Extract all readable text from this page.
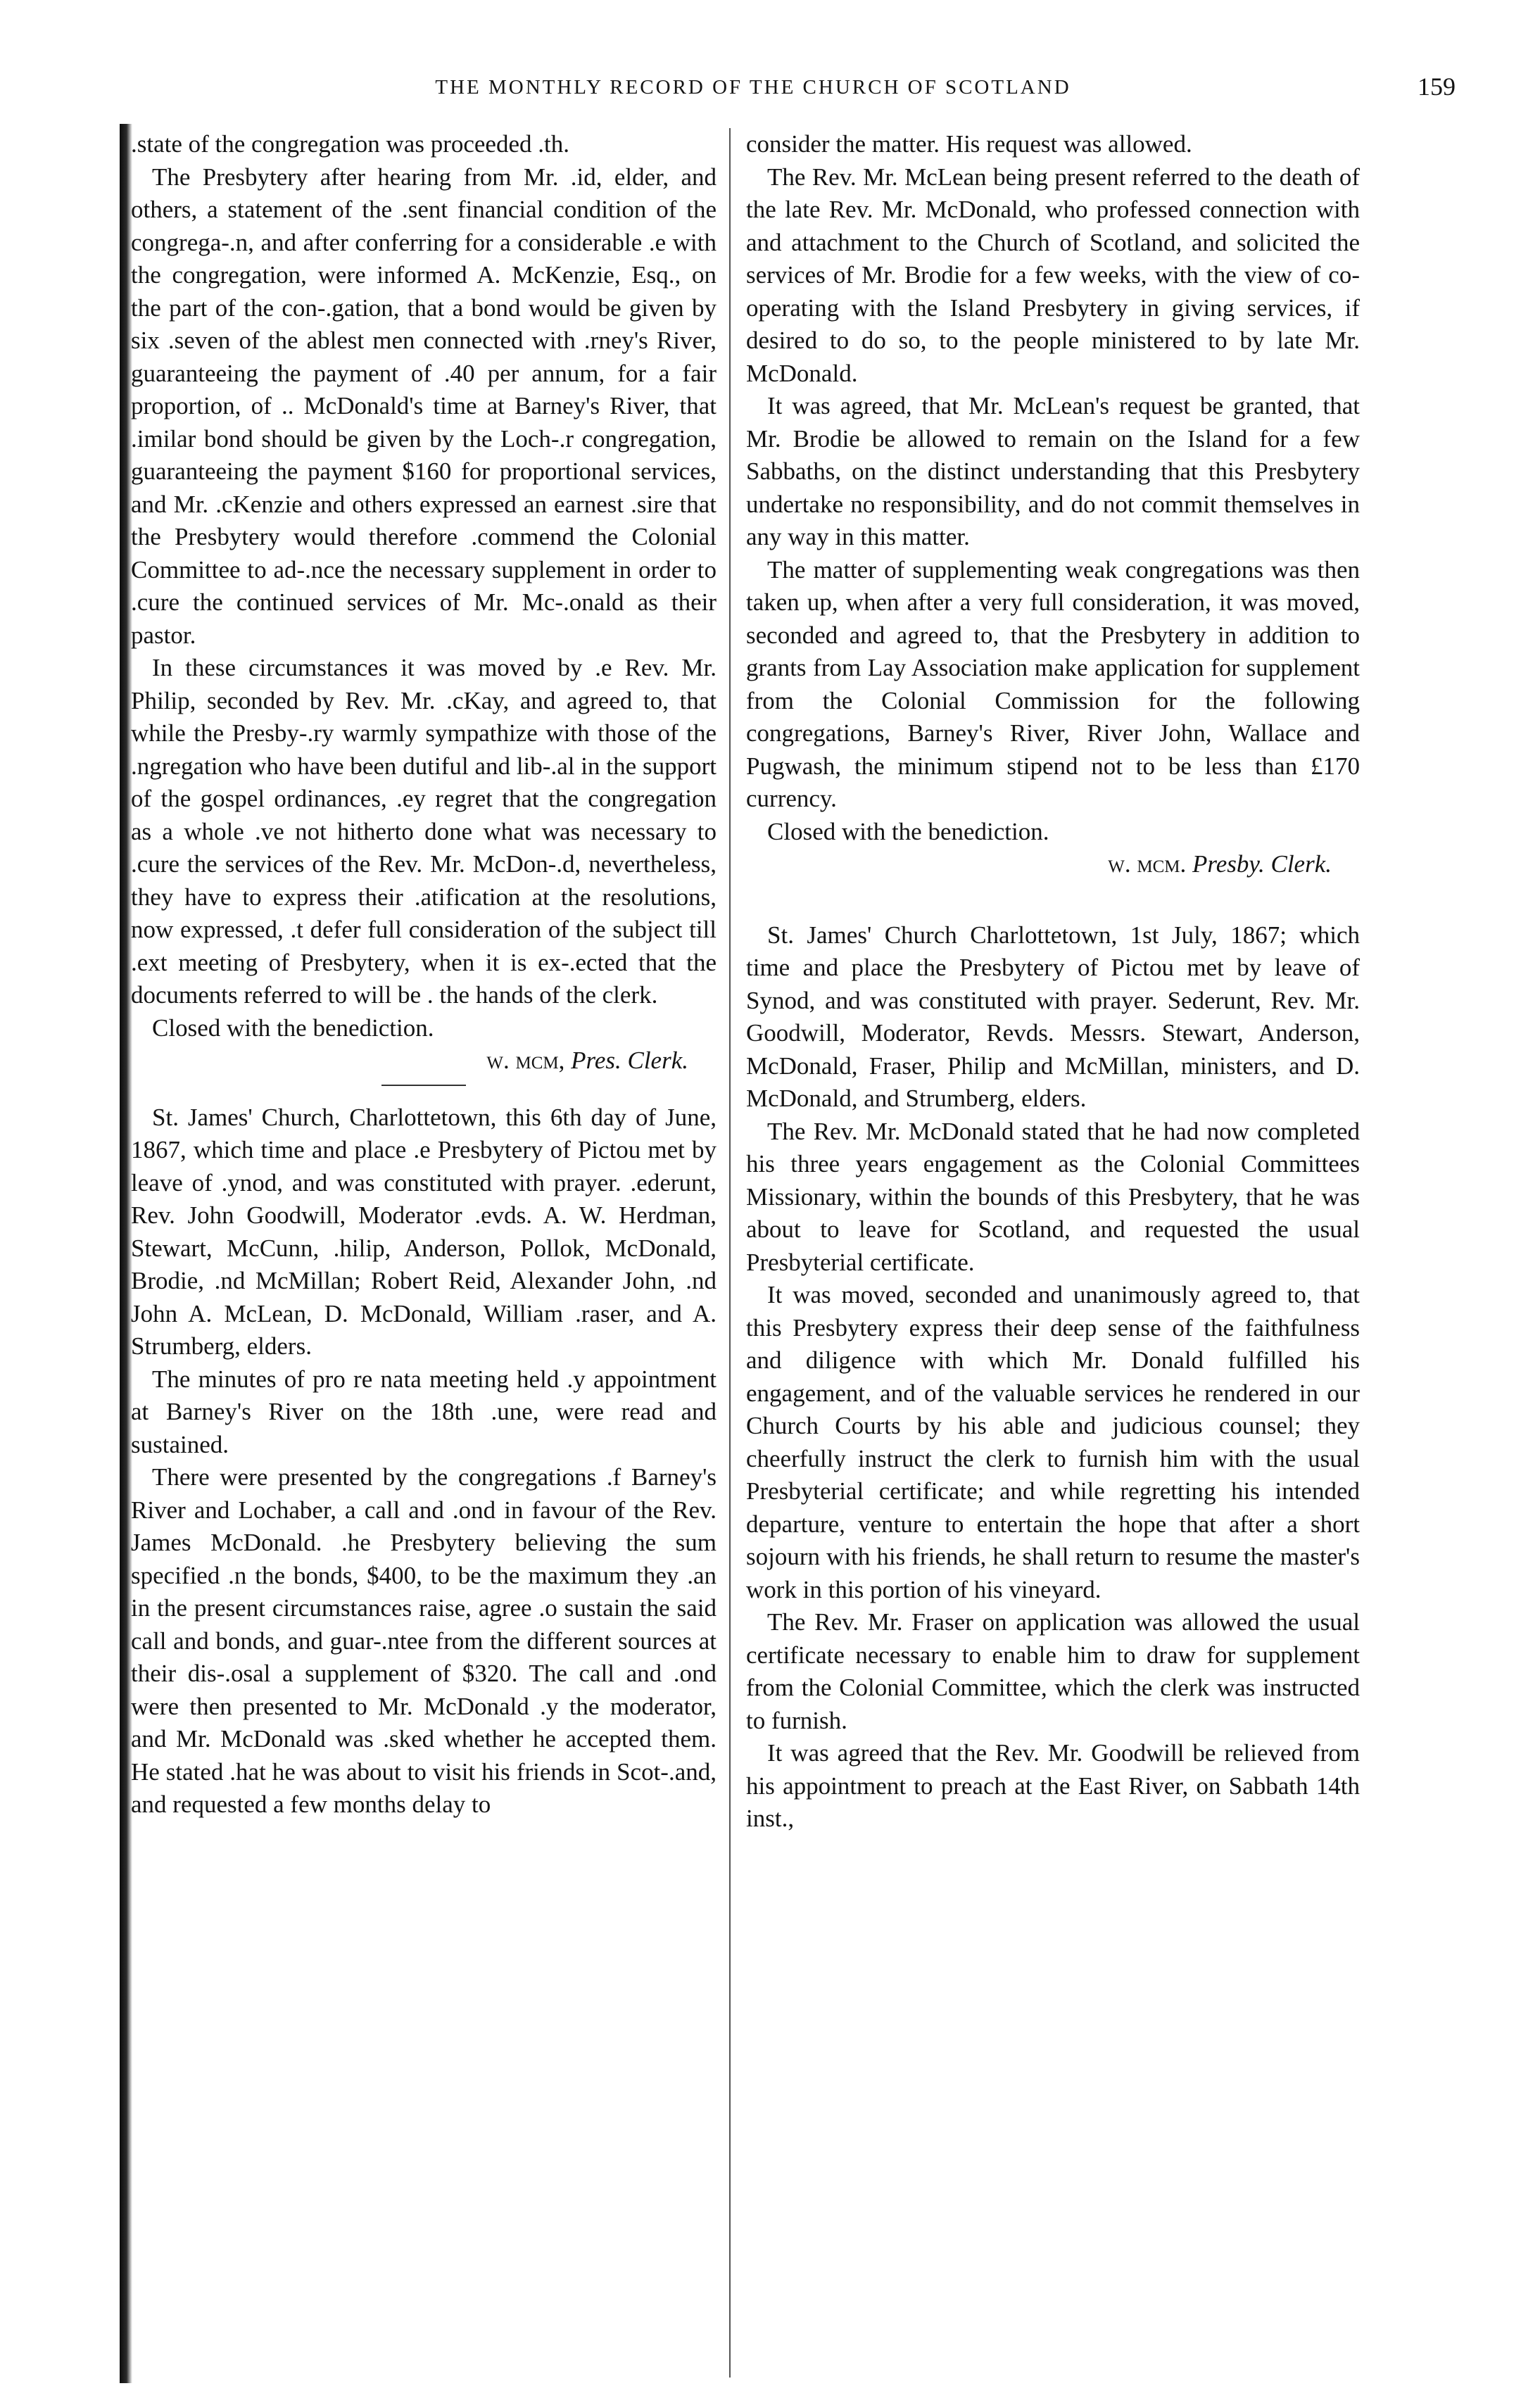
THE MONTHLY RECORD OF THE CHURCH OF SCOTLAND	159

.state of the congregation was proceeded .th.

The Presbytery after hearing from Mr. .id, elder, and others, a statement of the .sent financial condition of the congrega-.n, and after conferring for a considerable .e with the congregation, were informed A. McKenzie, Esq., on the part of the con-.gation, that a bond would be given by six .seven of the ablest men connected with .rney's River, guaranteeing the payment of .40 per annum, for a fair proportion, of .. McDonald's time at Barney's River, that .imilar bond should be given by the Loch-.r congregation, guaranteeing the payment $160 for proportional services, and Mr. .cKenzie and others expressed an earnest .sire that the Presbytery would therefore .commend the Colonial Committee to ad-.nce the necessary supplement in order to .cure the continued services of Mr. Mc-.onald as their pastor.

In these circumstances it was moved by .e Rev. Mr. Philip, seconded by Rev. Mr. .cKay, and agreed to, that while the Presby-.ry warmly sympathize with those of the .ngregation who have been dutiful and lib-.al in the support of the gospel ordinances, .ey regret that the congregation as a whole .ve not hitherto done what was necessary to .cure the services of the Rev. Mr. McDon-.d, nevertheless, they have to express their .atification at the resolutions, now expressed, .t defer full consideration of the subject till .ext meeting of Presbytery, when it is ex-.ected that the documents referred to will be . the hands of the clerk.

Closed with the benediction.

w. mcm, Pres. Clerk.

St. James' Church, Charlottetown, this 6th day of June, 1867, which time and place .e Presbytery of Pictou met by leave of .ynod, and was constituted with prayer. .ederunt, Rev. John Goodwill, Moderator .evds. A. W. Herdman, Stewart, McCunn, .hilip, Anderson, Pollok, McDonald, Brodie, .nd McMillan; Robert Reid, Alexander John, .nd John A. McLean, D. McDonald, William .raser, and A. Strumberg, elders.

The minutes of pro re nata meeting held .y appointment at Barney's River on the 18th .une, were read and sustained.

There were presented by the congregations .f Barney's River and Lochaber, a call and .ond in favour of the Rev. James McDonald. .he Presbytery believing the sum specified .n the bonds, $400, to be the maximum they .an in the present circumstances raise, agree .o sustain the said call and bonds, and guar-.ntee from the different sources at their dis-.osal a supplement of $320. The call and .ond were then presented to Mr. McDonald .y the moderator, and Mr. McDonald was .sked whether he accepted them. He stated .hat he was about to visit his friends in Scot-.and, and requested a few months delay to

consider the matter. His request was allowed.

The Rev. Mr. McLean being present referred to the death of the late Rev. Mr. McDonald, who professed connection with and attachment to the Church of Scotland, and solicited the services of Mr. Brodie for a few weeks, with the view of co-operating with the Island Presbytery in giving services, if desired to do so, to the people ministered to by late Mr. McDonald.

It was agreed, that Mr. McLean's request be granted, that Mr. Brodie be allowed to remain on the Island for a few Sabbaths, on the distinct understanding that this Presbytery undertake no responsibility, and do not commit themselves in any way in this matter.

The matter of supplementing weak congregations was then taken up, when after a very full consideration, it was moved, seconded and agreed to, that the Presbytery in addition to grants from Lay Association make application for supplement from the Colonial Commission for the following congregations, Barney's River, River John, Wallace and Pugwash, the minimum stipend not to be less than £170 currency.

Closed with the benediction.

w. mcm. Presby. Clerk.

St. James' Church Charlottetown, 1st July, 1867; which time and place the Presbytery of Pictou met by leave of Synod, and was constituted with prayer. Sederunt, Rev. Mr. Goodwill, Moderator, Revds. Messrs. Stewart, Anderson, McDonald, Fraser, Philip and McMillan, ministers, and D. McDonald, and Strumberg, elders.

The Rev. Mr. McDonald stated that he had now completed his three years engagement as the Colonial Committees Missionary, within the bounds of this Presbytery, that he was about to leave for Scotland, and requested the usual Presbyterial certificate.

It was moved, seconded and unanimously agreed to, that this Presbytery express their deep sense of the faithfulness and diligence with which Mr. Donald fulfilled his engagement, and of the valuable services he rendered in our Church Courts by his able and judicious counsel; they cheerfully instruct the clerk to furnish him with the usual Presbyterial certificate; and while regretting his intended departure, venture to entertain the hope that after a short sojourn with his friends, he shall return to resume the master's work in this portion of his vineyard.

The Rev. Mr. Fraser on application was allowed the usual certificate necessary to enable him to draw for supplement from the Colonial Committee, which the clerk was instructed to furnish.

It was agreed that the Rev. Mr. Goodwill be relieved from his appointment to preach at the East River, on Sabbath 14th inst.,
